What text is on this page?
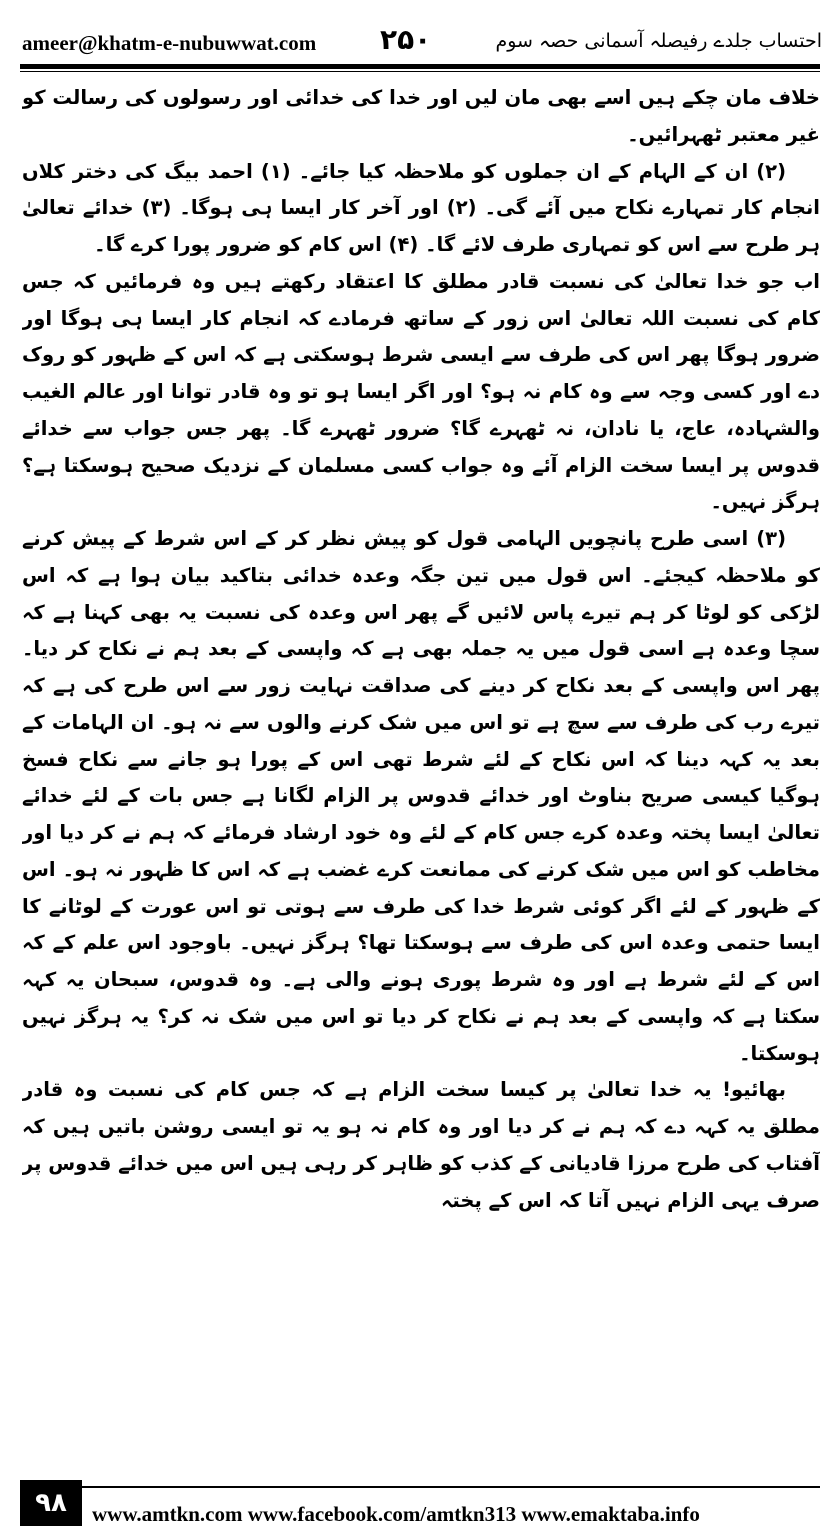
ameer@khatm-e-nubuwwat.com ۲۵۰	احتساب جلدے رفیصلہ آسمانی حصہ سوم

خلاف مان چکے ہیں اسے بھی مان لیں اور خدا کی خدائی اور رسولوں کی رسالت کو غیر معتبر ٹھہرائیں۔

(۲) ان کے الہام کے ان جملوں کو ملاحظہ کیا جائے۔ (۱) احمد بیگ کی دختر کلاں انجام کار تمہارے نکاح میں آئے گی۔ (۲) اور آخر کار ایسا ہی ہوگا۔ (۳) خدائے تعالیٰ ہر طرح سے اس کو تمہاری طرف لائے گا۔ (۴) اس کام کو ضرور پورا کرے گا۔

اب جو خدا تعالیٰ کی نسبت قادر مطلق کا اعتقاد رکھتے ہیں وہ فرمائیں کہ جس کام کی نسبت اللہ تعالیٰ اس زور کے ساتھ فرمادے کہ انجام کار ایسا ہی ہوگا اور ضرور ہوگا پھر اس کی طرف سے ایسی شرط ہوسکتی ہے کہ اس کے ظہور کو روک دے اور کسی وجہ سے وہ کام نہ ہو؟ اور اگر ایسا ہو تو وہ قادر توانا اور عالم الغیب والشہادہ، عاج، یا نادان، نہ ٹھہرے گا؟ ضرور ٹھہرے گا۔ پھر جس جواب سے خدائے قدوس پر ایسا سخت الزام آئے وہ جواب کسی مسلمان کے نزدیک صحیح ہوسکتا ہے؟ ہرگز نہیں۔

(۳) اسی طرح پانچویں الہامی قول کو پیش نظر کر کے اس شرط کے پیش کرنے کو ملاحظہ کیجئے۔ اس قول میں تین جگہ وعدہ خدائی بتاکید بیان ہوا ہے کہ اس لڑکی کو لوٹا کر ہم تیرے پاس لائیں گے پھر اس وعدہ کی نسبت یہ بھی کہنا ہے کہ سچا وعدہ ہے اسی قول میں یہ جملہ بھی ہے کہ واپسی کے بعد ہم نے نکاح کر دیا۔ پھر اس واپسی کے بعد نکاح کر دینے کی صداقت نہایت زور سے اس طرح کی ہے کہ تیرے رب کی طرف سے سچ ہے تو اس میں شک کرنے والوں سے نہ ہو۔ ان الہامات کے بعد یہ کہہ دینا کہ اس نکاح کے لئے شرط تھی اس کے پورا ہو جانے سے نکاح فسخ ہوگیا کیسی صریح بناوٹ اور خدائے قدوس پر الزام لگانا ہے جس بات کے لئے خدائے تعالیٰ ایسا پختہ وعدہ کرے جس کام کے لئے وہ خود ارشاد فرمائے کہ ہم نے کر دیا اور مخاطب کو اس میں شک کرنے کی ممانعت کرے غضب ہے کہ اس کا ظہور نہ ہو۔ اس کے ظہور کے لئے اگر کوئی شرط خدا کی طرف سے ہوتی تو اس عورت کے لوٹانے کا ایسا حتمی وعدہ اس کی طرف سے ہوسکتا تھا؟ ہرگز نہیں۔ باوجود اس علم کے کہ اس کے لئے شرط ہے اور وہ شرط پوری ہونے والی ہے۔ وہ قدوس، سبحان یہ کہہ سکتا ہے کہ واپسی کے بعد ہم نے نکاح کر دیا تو اس میں شک نہ کر؟ یہ ہرگز نہیں ہوسکتا۔

بھائیو! یہ خدا تعالیٰ پر کیسا سخت الزام ہے کہ جس کام کی نسبت وہ قادر مطلق یہ کہہ دے کہ ہم نے کر دیا اور وہ کام نہ ہو یہ تو ایسی روشن باتیں ہیں کہ آفتاب کی طرح مرزا قادیانی کے کذب کو ظاہر کر رہی ہیں اس میں خدائے قدوس پر صرف یہی الزام نہیں آتا کہ اس کے پختہ

۹۸	www.amtkn.com www.facebook.com/amtkn313 www.emaktaba.info
